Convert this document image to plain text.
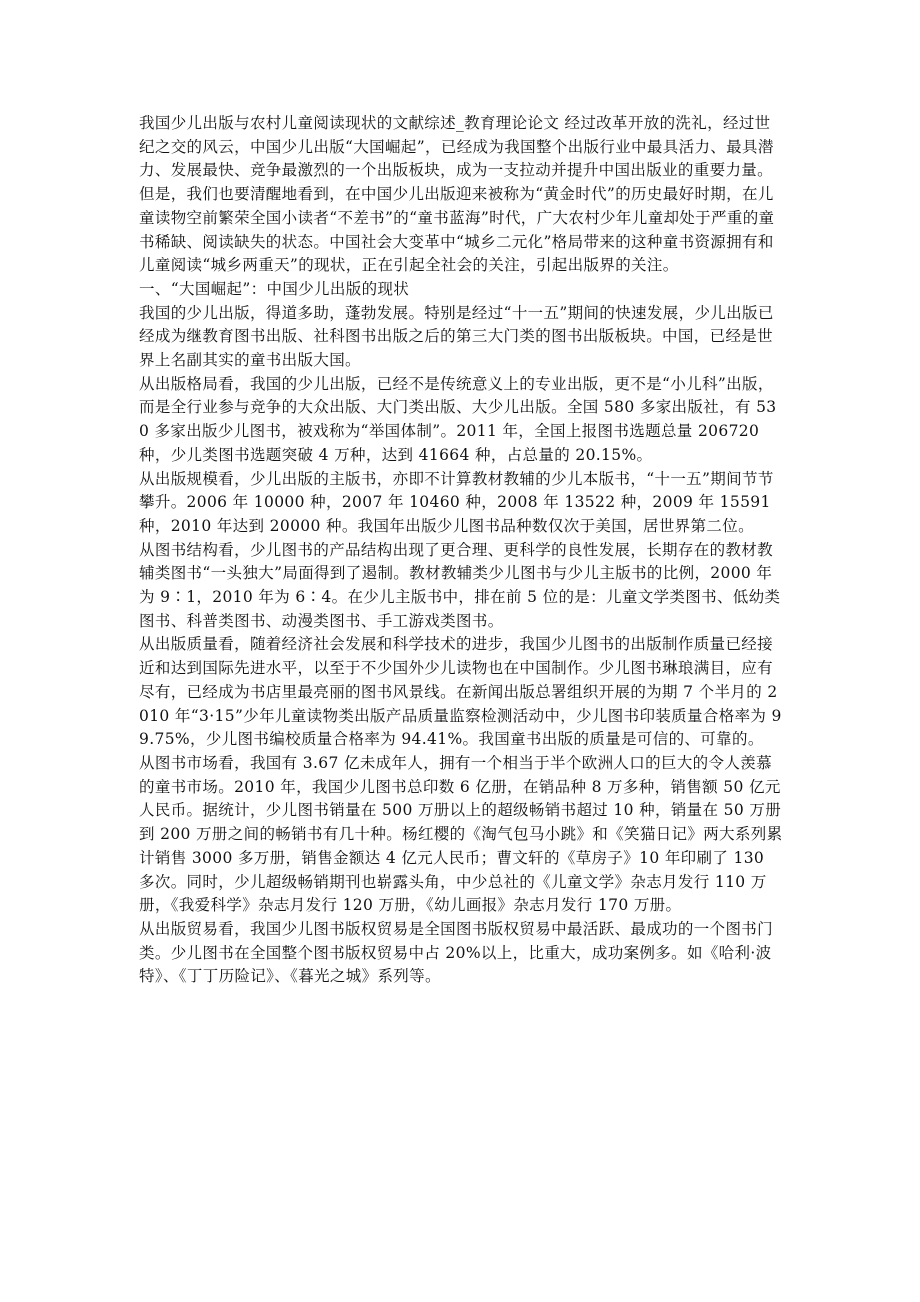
我国少儿出版与农村儿童阅读现状的文献综述_教育理论论文 经过改革开放的洗礼，经过世纪之交的风云，中国少儿出版“大国崛起”，已经成为我国整个出版行业中最具活力、最具潜力、发展最快、竞争最激烈的一个出版板块，成为一支拉动并提升中国出版业的重要力量。但是，我们也要清醒地看到，在中国少儿出版迎来被称为“黄金时代”的历史最好时期，在儿童读物空前繁荣全国小读者“不差书”的“童书蓝海”时代，广大农村少年儿童却处于严重的童书稀缺、阅读缺失的状态。中国社会大变革中“城乡二元化”格局带来的这种童书资源拥有和儿童阅读“城乡两重天”的现状，正在引起全社会的关注，引起出版界的关注。

一、“大国崛起”：中国少儿出版的现状

我国的少儿出版，得道多助，蓬勃发展。特别是经过“十一五”期间的快速发展，少儿出版已经成为继教育图书出版、社科图书出版之后的第三大门类的图书出版板块。中国，已经是世界上名副其实的童书出版大国。

从出版格局看，我国的少儿出版，已经不是传统意义上的专业出版，更不是“小儿科”出版，而是全行业参与竞争的大众出版、大门类出版、大少儿出版。全国 580 多家出版社，有 530 多家出版少儿图书，被戏称为“举国体制”。2011 年，全国上报图书选题总量 206720 种，少儿类图书选题突破 4 万种，达到 41664 种，占总量的 20.15%。

从出版规模看，少儿出版的主版书，亦即不计算教材教辅的少儿本版书，“十一五”期间节节攀升。2006 年 10000 种，2007 年 10460 种，2008 年 13522 种，2009 年 15591 种，2010 年达到 20000 种。我国年出版少儿图书品种数仅次于美国，居世界第二位。

从图书结构看，少儿图书的产品结构出现了更合理、更科学的良性发展，长期存在的教材教辅类图书“一头独大”局面得到了遏制。教材教辅类少儿图书与少儿主版书的比例，2000 年为 9∶1，2010 年为 6∶4。在少儿主版书中，排在前 5 位的是：儿童文学类图书、低幼类图书、科普类图书、动漫类图书、手工游戏类图书。

从出版质量看，随着经济社会发展和科学技术的进步，我国少儿图书的出版制作质量已经接近和达到国际先进水平，以至于不少国外少儿读物也在中国制作。少儿图书琳琅满目，应有尽有，已经成为书店里最亮丽的图书风景线。在新闻出版总署组织开展的为期 7 个半月的 2010 年“3·15”少年儿童读物类出版产品质量监察检测活动中，少儿图书印装质量合格率为 99.75%，少儿图书编校质量合格率为 94.41%。我国童书出版的质量是可信的、可靠的。

从图书市场看，我国有 3.67 亿未成年人，拥有一个相当于半个欧洲人口的巨大的令人羡慕的童书市场。2010 年，我国少儿图书总印数 6 亿册，在销品种 8 万多种，销售额 50 亿元人民币。据统计，少儿图书销量在 500 万册以上的超级畅销书超过 10 种，销量在 50 万册到 200 万册之间的畅销书有几十种。杨红樱的《淘气包马小跳》和《笑猫日记》两大系列累计销售 3000 多万册，销售金额达 4 亿元人民币；曹文轩的《草房子》10 年印刷了 130 多次。同时，少儿超级畅销期刊也崭露头角，中少总社的《儿童文学》杂志月发行 110 万册，《我爱科学》杂志月发行 120 万册，《幼儿画报》杂志月发行 170 万册。

从出版贸易看，我国少儿图书版权贸易是全国图书版权贸易中最活跃、最成功的一个图书门类。少儿图书在全国整个图书版权贸易中占 20%以上，比重大，成功案例多。如《哈利·波特》、《丁丁历险记》、《暮光之城》系列等。
